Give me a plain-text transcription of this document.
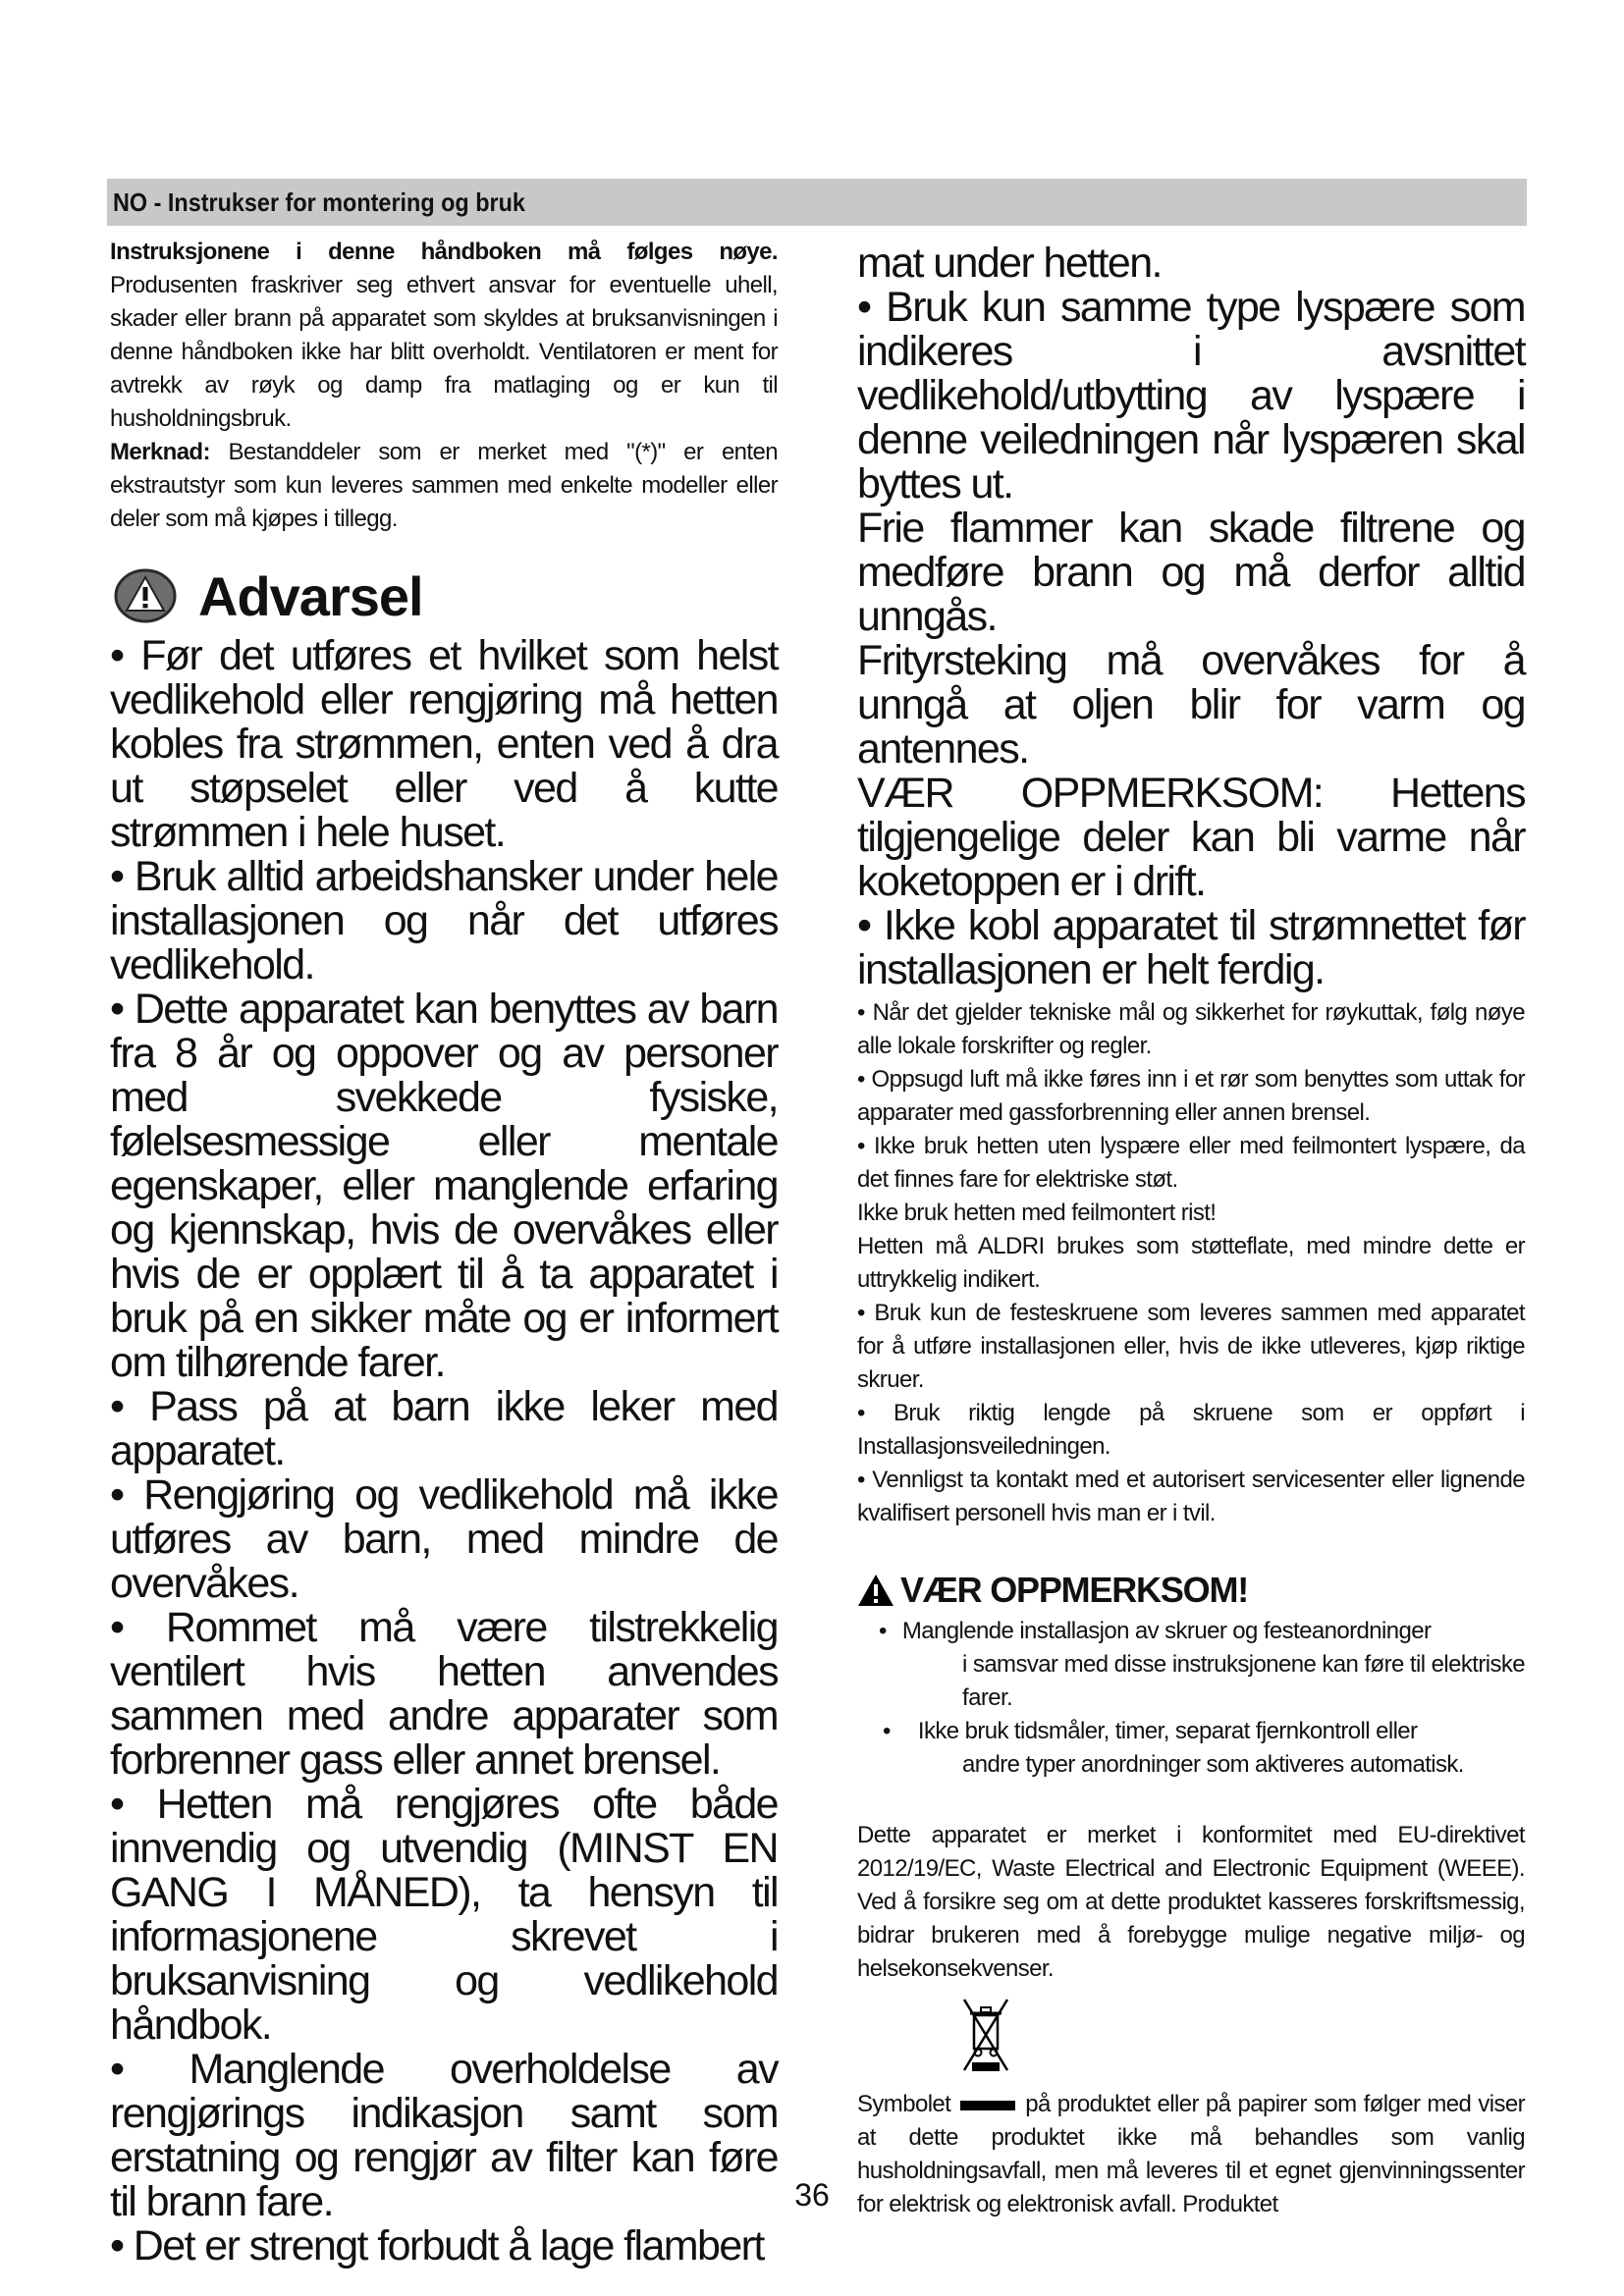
NO - Instrukser for montering og bruk

Instruksjonene i denne håndboken må følges nøye. Produsenten fraskriver seg ethvert ansvar for eventuelle uhell, skader eller brann på apparatet som skyldes at bruksanvisningen i denne håndboken ikke har blitt overholdt. Ventilatoren er ment for avtrekk av røyk og damp fra matlaging og er kun til husholdningsbruk.

Merknad: Bestanddeler som er merket med "(*)" er enten ekstrautstyr som kun leveres sammen med enkelte modeller eller deler som må kjøpes i tillegg.

Advarsel

• Før det utføres et hvilket som helst vedlikehold eller rengjøring må hetten kobles fra strømmen, enten ved å dra ut støpselet eller ved å kutte strømmen i hele huset.

• Bruk alltid arbeidshansker under hele installasjonen og når det utføres vedlikehold.

• Dette apparatet kan benyttes av barn fra 8 år og oppover og av personer med svekkede fysiske, følelsesmessige eller mentale egenskaper, eller manglende erfaring og kjennskap, hvis de overvåkes eller hvis de er opplært til å ta apparatet i bruk på en sikker måte og er informert om tilhørende farer.

• Pass på at barn ikke leker med apparatet.

• Rengjøring og vedlikehold må ikke utføres av barn, med mindre de overvåkes.

• Rommet må være tilstrekkelig ventilert hvis hetten anvendes sammen med andre apparater som forbrenner gass eller annet brensel.

• Hetten må rengjøres ofte både innvendig og utvendig (MINST EN GANG I MÅNED), ta hensyn til informasjonene skrevet i bruksanvisning og vedlikehold håndbok.

• Manglende overholdelse av rengjørings indikasjon samt som erstatning og rengjør av filter kan føre til brann fare.

• Det er strengt forbudt å lage flambert

mat under hetten.

• Bruk kun samme type lyspære som indikeres i avsnittet vedlikehold/utbytting av lyspære i denne veiledningen når lyspæren skal byttes ut.

Frie flammer kan skade filtrene og medføre brann og må derfor alltid unngås.

Frityrsteking må overvåkes for å unngå at oljen blir for varm og antennes.

VÆR OPPMERKSOM: Hettens tilgjengelige deler kan bli varme når koketoppen er i drift.

• Ikke kobl apparatet til strømnettet før installasjonen er helt ferdig.

• Når det gjelder tekniske mål og sikkerhet for røykuttak, følg nøye alle lokale forskrifter og regler.

• Oppsugd luft må ikke føres inn i et rør som benyttes som uttak for apparater med gassforbrenning eller annen brensel.

• Ikke bruk hetten uten lyspære eller med feilmontert lyspære, da det finnes fare for elektriske støt.

Ikke bruk hetten med feilmontert rist!

Hetten må ALDRI brukes som støtteflate, med mindre dette er uttrykkelig indikert.

• Bruk kun de festeskruene som leveres sammen med apparatet for å utføre installasjonen eller, hvis de ikke utleveres, kjøp riktige skruer.

• Bruk riktig lengde på skruene som er oppført i Installasjonsveiledningen.

• Vennligst ta kontakt med et autorisert servicesenter eller lignende kvalifisert personell hvis man er i tvil.

VÆR OPPMERKSOM!

• Manglende installasjon av skruer og festeanordninger

i samsvar med disse instruksjonene kan føre til elektriske farer.

• Ikke bruk tidsmåler, timer, separat fjernkontroll eller

andre typer anordninger som aktiveres automatisk.

Dette apparatet er merket i konformitet med EU-direktivet 2012/19/EC, Waste Electrical and Electronic Equipment (WEEE). Ved å forsikre seg om at dette produktet kasseres forskriftsmessig, bidrar brukeren med å forebygge mulige negative miljø- og helsekonsekvenser.

Symbolet	på produktet eller på papirer som følger med viser at dette produktet ikke må behandles som vanlig husholdningsavfall, men må leveres til et egnet gjenvinningssenter for elektrisk og elektronisk avfall. Produktet

36
